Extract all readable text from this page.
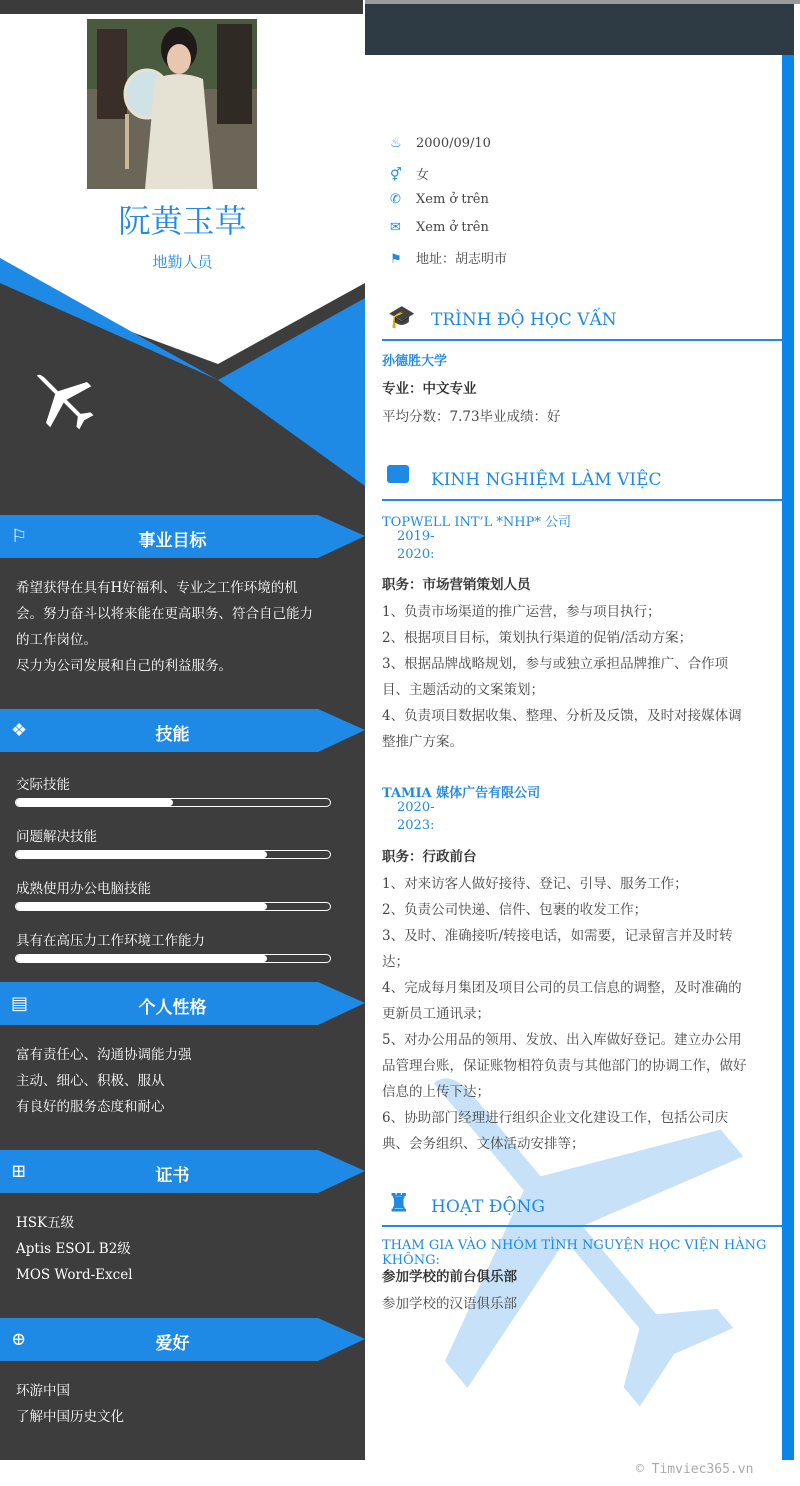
阮黄玉草
地勤人员
⚐	事业目标
希望获得在具有H好福利、专业之工作环境的机
会。努力奋斗以将来能在更高职务、符合自己能力
的工作岗位。
尽力为公司发展和自己的利益服务。
❖	技能
交际技能
问题解决技能
成熟使用办公电脑技能
具有在高压力工作环境工作能力
▤	个人性格
富有责任心、沟通协调能力强
主动、细心、积极、服从
有良好的服务态度和耐心
⊞	证书
HSK五级
Aptis ESOL B2级
MOS Word-Excel
⊕	爱好
环游中国
了解中国历史文化
♨ 2000/09/10
⚥ 女
✆ Xem ở trên
✉ Xem ở trên
⚑ 地址：胡志明市
🎓 TRÌNH ĐỘ HỌC VẤN
孙德胜大学
专业：中文专业
平均分数：7.73毕业成绩：好
KINH NGHIỆM LÀM VIỆC
TOPWELL INT’L *NHP* 公司
2019-
2020:
职务：市场营销策划人员
1、负责市场渠道的推广运营，参与项目执行；
2、根据项目目标，策划执行渠道的促销/活动方案；
3、根据品牌战略规划，参与或独立承担品牌推广、合作项
目、主题活动的文案策划；
4、负责项目数据收集、整理、分析及反馈，及时对接媒体调
整推广方案。
TAMIA 媒体广告有限公司
2020-
2023:
职务：行政前台
1、对来访客人做好接待、登记、引导、服务工作；
2、负责公司快递、信件、包裹的收发工作；
3、及时、准确接听/转接电话，如需要，记录留言并及时转
达；
4、完成每月集团及项目公司的员工信息的调整，及时准确的
更新员工通讯录；
5、对办公用品的领用、发放、出入库做好登记。建立办公用
品管理台账，保证账物相符负责与其他部门的协调工作，做好
信息的上传下达；
6、协助部门经理进行组织企业文化建设工作，包括公司庆
典、会务组织、文体活动安排等；
♜ HOẠT ĐỘNG
THAM GIA VÀO NHÓM TÌNH NGUYỆN HỌC VIỆN HÀNG KHÔNG:
参加学校的前台俱乐部
参加学校的汉语俱乐部
© Timviec365.vn
